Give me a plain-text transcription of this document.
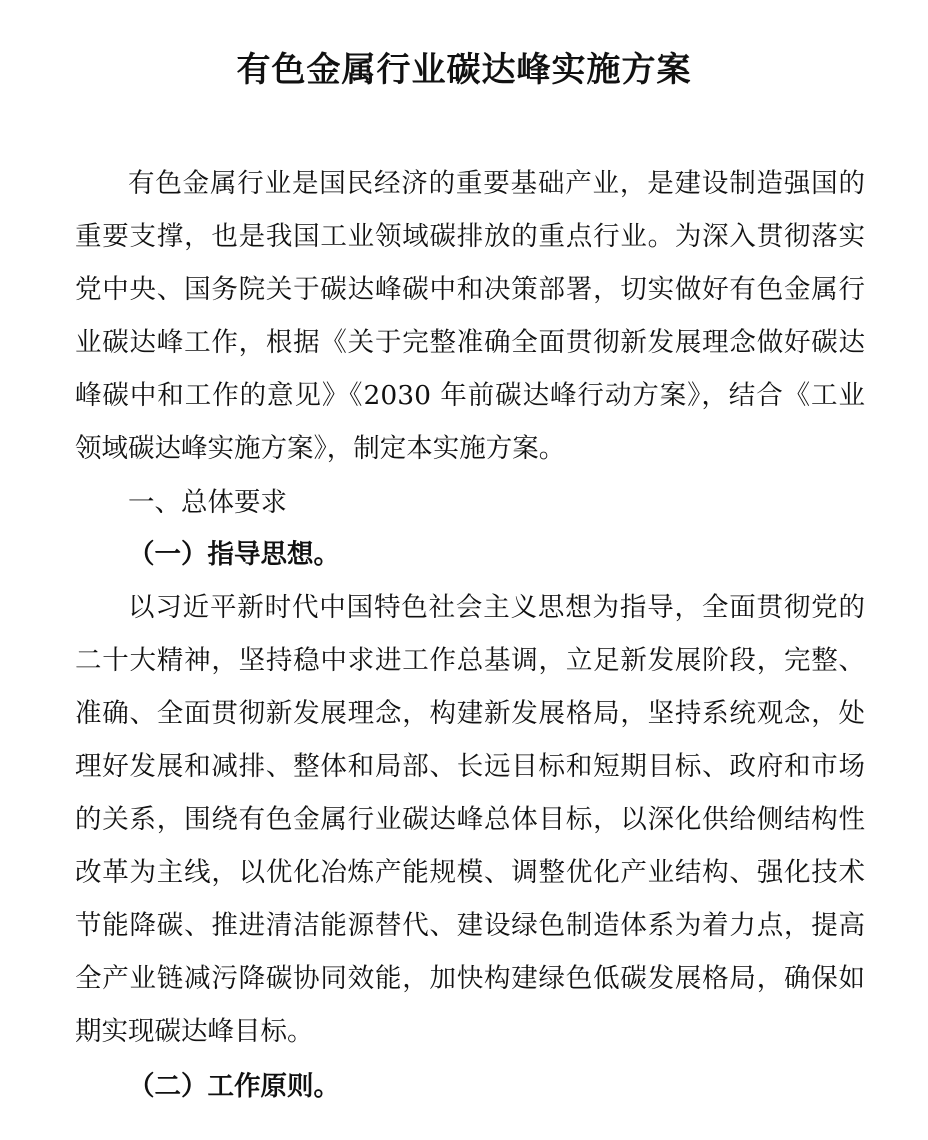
有色金属行业碳达峰实施方案

有色金属行业是国民经济的重要基础产业，是建设制造强国的重要支撑，也是我国工业领域碳排放的重点行业。为深入贯彻落实党中央、国务院关于碳达峰碳中和决策部署，切实做好有色金属行业碳达峰工作，根据《关于完整准确全面贯彻新发展理念做好碳达峰碳中和工作的意见》《2030 年前碳达峰行动方案》，结合《工业领域碳达峰实施方案》，制定本实施方案。

一、总体要求
（一）指导思想。

以习近平新时代中国特色社会主义思想为指导，全面贯彻党的二十大精神，坚持稳中求进工作总基调，立足新发展阶段，完整、准确、全面贯彻新发展理念，构建新发展格局，坚持系统观念，处理好发展和减排、整体和局部、长远目标和短期目标、政府和市场的关系，围绕有色金属行业碳达峰总体目标，以深化供给侧结构性改革为主线，以优化冶炼产能规模、调整优化产业结构、强化技术节能降碳、推进清洁能源替代、建设绿色制造体系为着力点，提高全产业链减污降碳协同效能，加快构建绿色低碳发展格局，确保如期实现碳达峰目标。

（二）工作原则。
